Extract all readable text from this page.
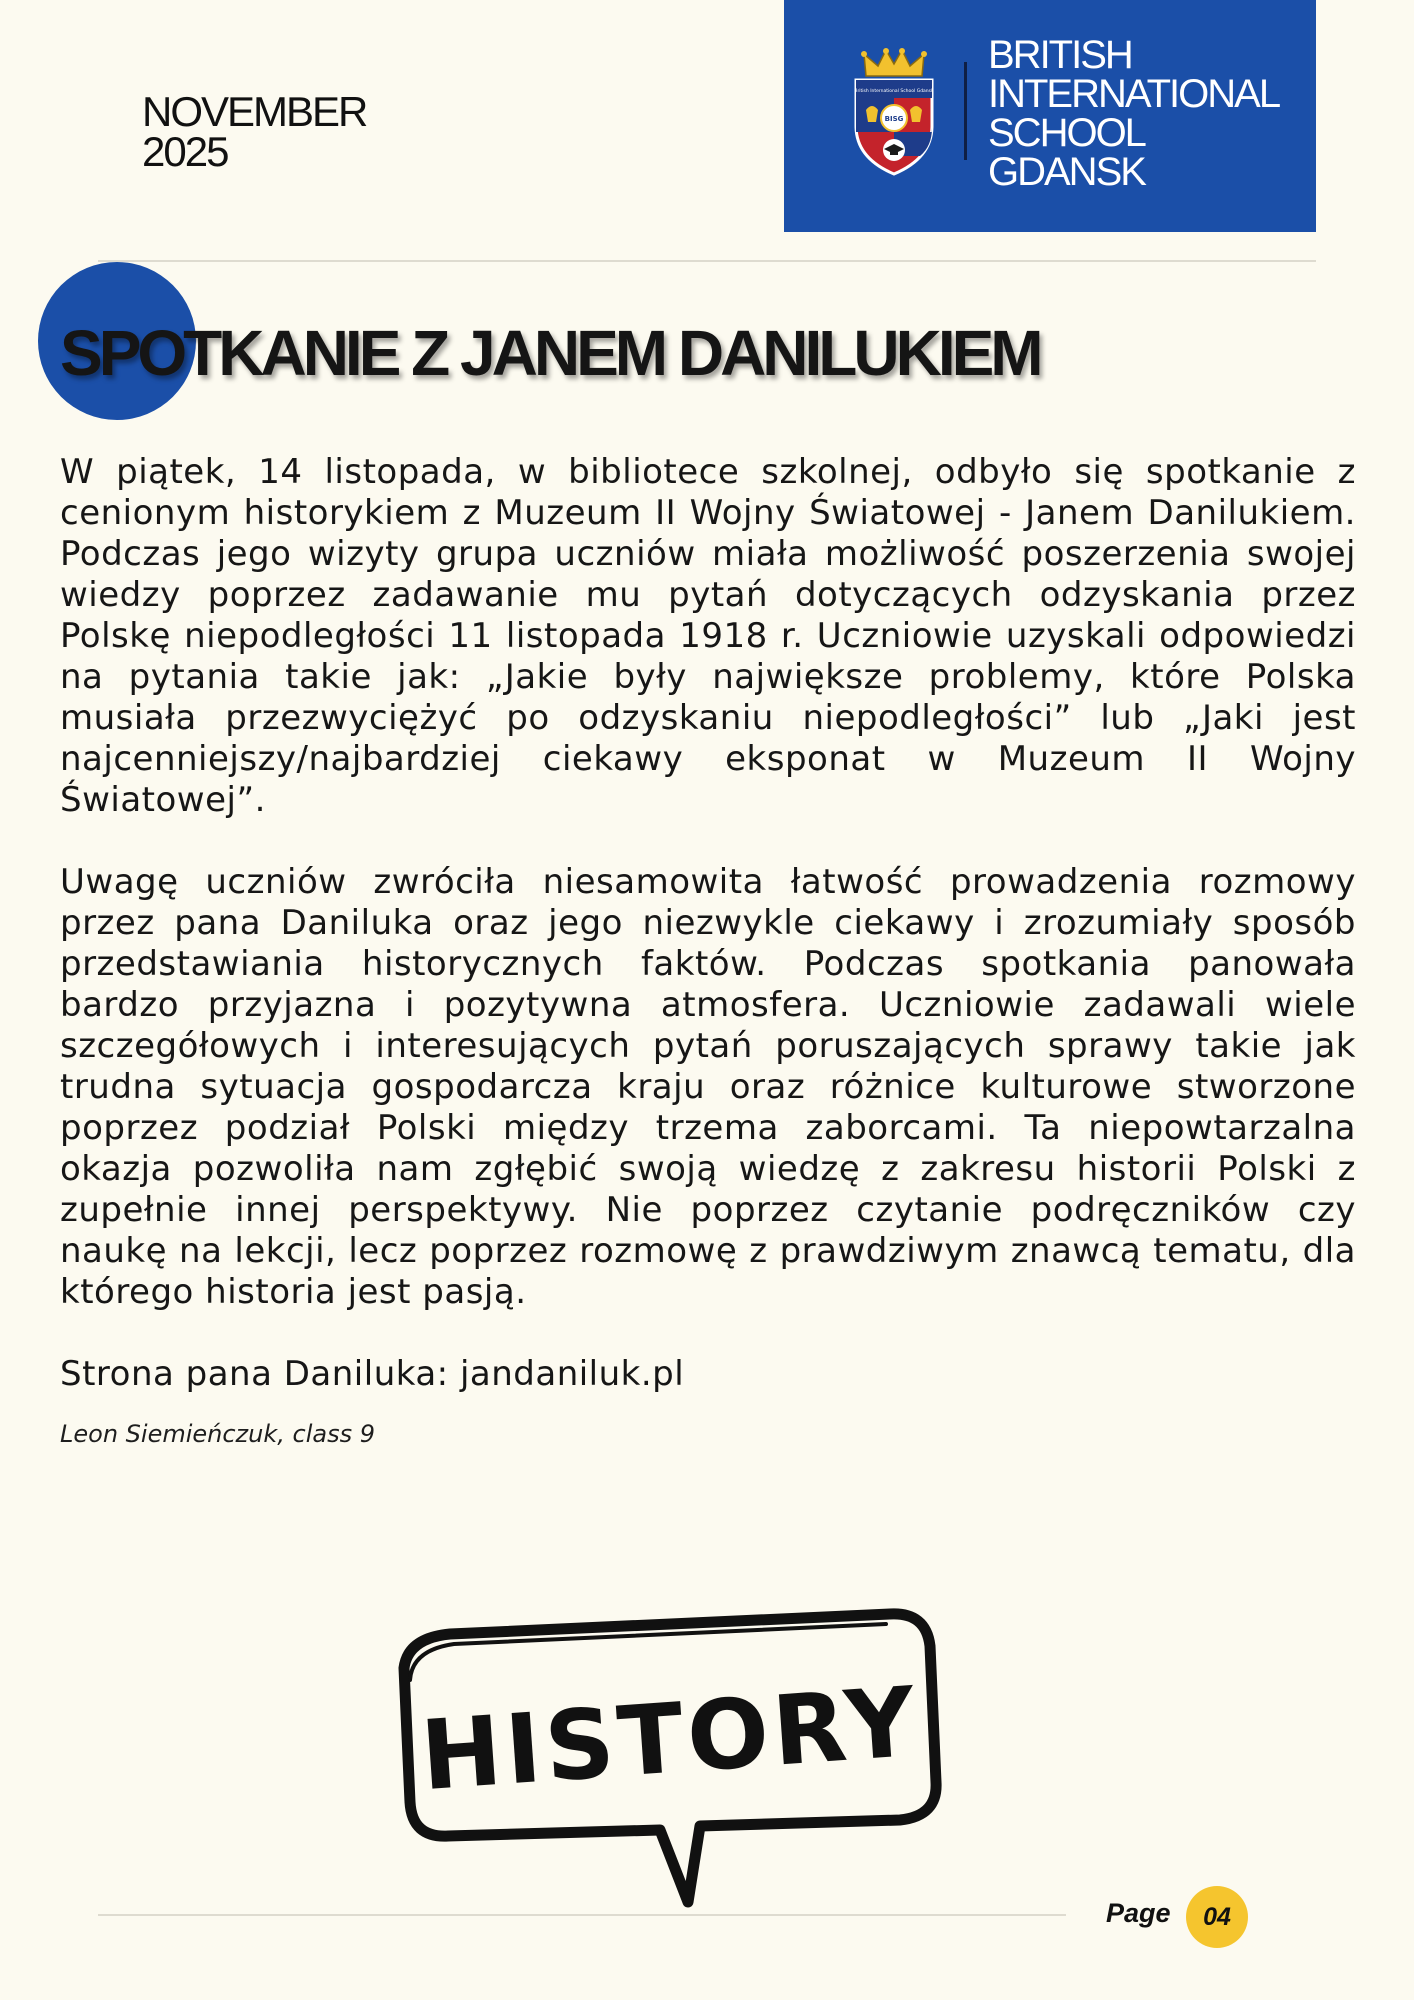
NOVEMBER
2025
British International School Gdansk
BISG
BRITISH
INTERNATIONAL
SCHOOL
GDANSK
SPOTKANIE Z JANEM DANILUKIEM

W piątek, 14 listopada, w bibliotece szkolnej, odbyło się spotkanie z cenionym historykiem z Muzeum II Wojny Światowej - Janem Danilukiem. Podczas jego wizyty grupa uczniów miała możliwość poszerzenia swojej wiedzy poprzez zadawanie mu pytań dotyczących odzyskania przez Polskę niepodległości 11 listopada 1918 r. Uczniowie uzyskali odpowiedzi na pytania takie jak: „Jakie były największe problemy, które Polska musiała przezwyciężyć po odzyskaniu niepodległości” lub „Jaki jest najcenniejszy/najbardziej ciekawy eksponat w Muzeum II Wojny Światowej”.

Uwagę uczniów zwróciła niesamowita łatwość prowadzenia rozmowy przez pana Daniluka oraz jego niezwykle ciekawy i zrozumiały sposób przedstawiania historycznych faktów. Podczas spotkania panowała bardzo przyjazna i pozytywna atmosfera. Uczniowie zadawali wiele szczegółowych i interesujących pytań poruszających sprawy takie jak trudna sytuacja gospodarcza kraju oraz różnice kulturowe stworzone poprzez podział Polski między trzema zaborcami. Ta niepowtarzalna okazja pozwoliła nam zgłębić swoją wiedzę z zakresu historii Polski z zupełnie innej perspektywy. Nie poprzez czytanie podręczników czy naukę na lekcji, lecz poprzez rozmowę z prawdziwym znawcą tematu, dla którego historia jest pasją.

Strona pana Daniluka: jandaniluk.pl

Leon Siemieńczuk, class 9
HISTORY
Page	04
